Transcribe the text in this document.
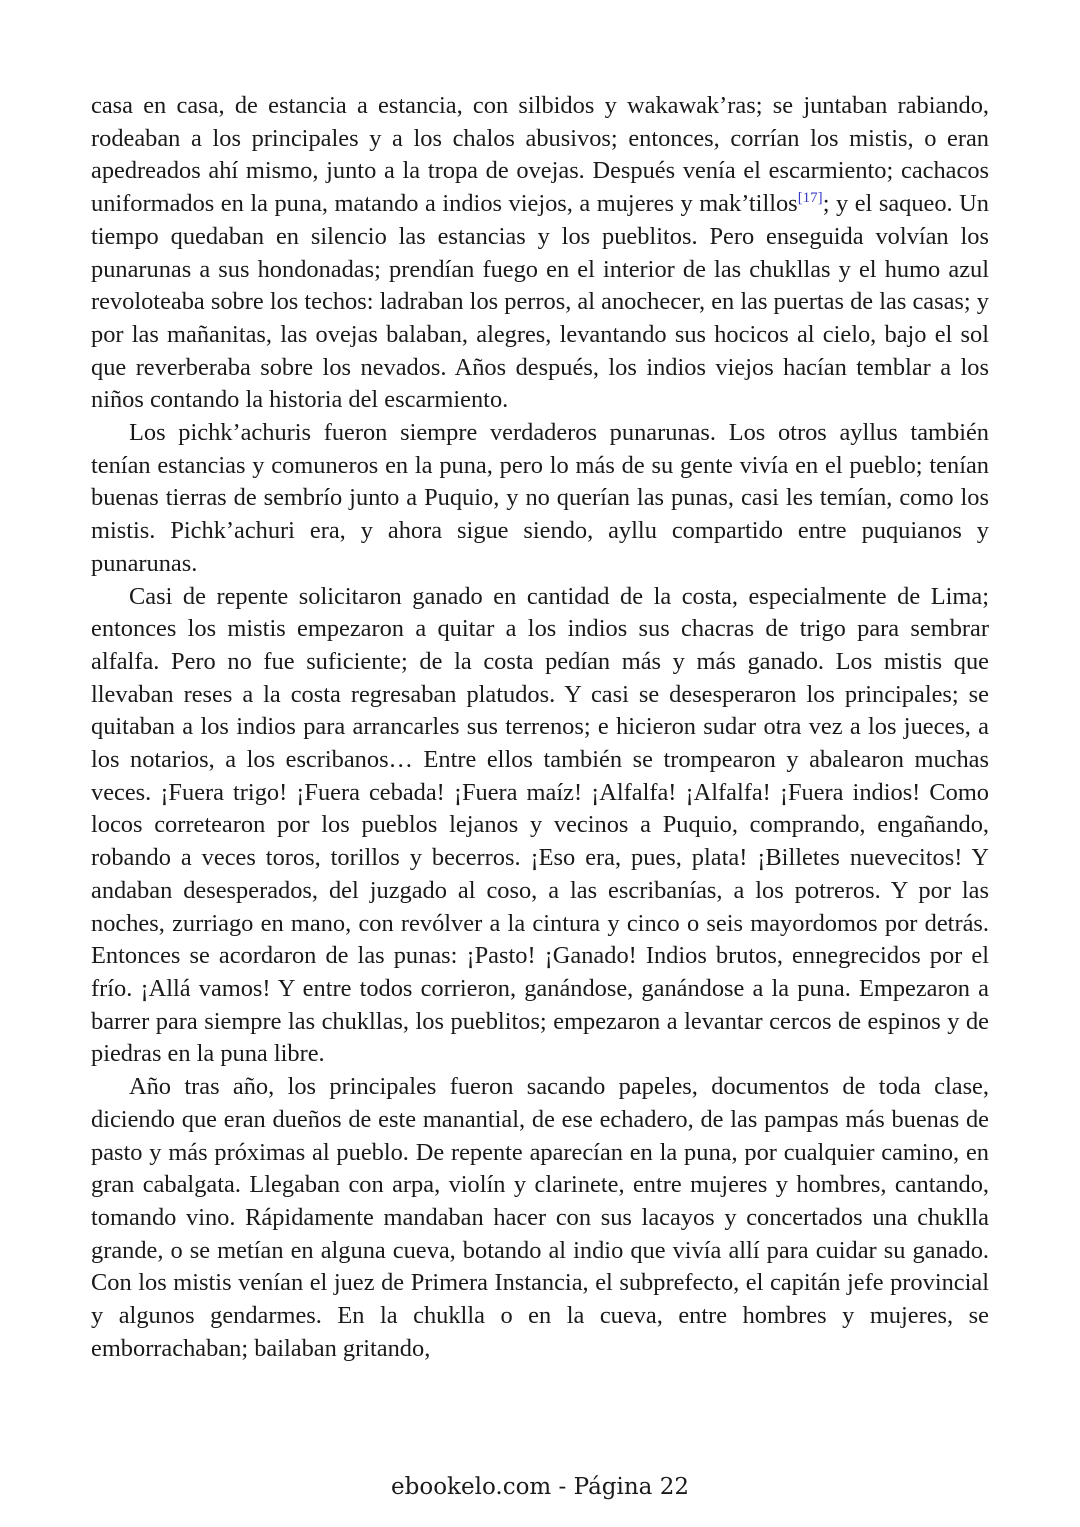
casa en casa, de estancia a estancia, con silbidos y wakawak’ras; se juntaban rabiando, rodeaban a los principales y a los chalos abusivos; entonces, corrían los mistis, o eran apedreados ahí mismo, junto a la tropa de ovejas. Después venía el escarmiento; cachacos uniformados en la puna, matando a indios viejos, a mujeres y mak’tillos[17]; y el saqueo. Un tiempo quedaban en silencio las estancias y los pueblitos. Pero enseguida volvían los punarunas a sus hondonadas; prendían fuego en el interior de las chukllas y el humo azul revoloteaba sobre los techos: ladraban los perros, al anochecer, en las puertas de las casas; y por las mañanitas, las ovejas balaban, alegres, levantando sus hocicos al cielo, bajo el sol que reverberaba sobre los nevados. Años después, los indios viejos hacían temblar a los niños contando la historia del escarmiento.

Los pichk’achuris fueron siempre verdaderos punarunas. Los otros ayllus también tenían estancias y comuneros en la puna, pero lo más de su gente vivía en el pueblo; tenían buenas tierras de sembrío junto a Puquio, y no querían las punas, casi les temían, como los mistis. Pichk’achuri era, y ahora sigue siendo, ayllu compartido entre puquianos y punarunas.

Casi de repente solicitaron ganado en cantidad de la costa, especialmente de Lima; entonces los mistis empezaron a quitar a los indios sus chacras de trigo para sembrar alfalfa. Pero no fue suficiente; de la costa pedían más y más ganado. Los mistis que llevaban reses a la costa regresaban platudos. Y casi se desesperaron los principales; se quitaban a los indios para arrancarles sus terrenos; e hicieron sudar otra vez a los jueces, a los notarios, a los escribanos… Entre ellos también se trompearon y abalearon muchas veces. ¡Fuera trigo! ¡Fuera cebada! ¡Fuera maíz! ¡Alfalfa! ¡Alfalfa! ¡Fuera indios! Como locos corretearon por los pueblos lejanos y vecinos a Puquio, comprando, engañando, robando a veces toros, torillos y becerros. ¡Eso era, pues, plata! ¡Billetes nuevecitos! Y andaban desesperados, del juzgado al coso, a las escribanías, a los potreros. Y por las noches, zurriago en mano, con revólver a la cintura y cinco o seis mayordomos por detrás. Entonces se acordaron de las punas: ¡Pasto! ¡Ganado! Indios brutos, ennegrecidos por el frío. ¡Allá vamos! Y entre todos corrieron, ganándose, ganándose a la puna. Empezaron a barrer para siempre las chukllas, los pueblitos; empezaron a levantar cercos de espinos y de piedras en la puna libre.

Año tras año, los principales fueron sacando papeles, documentos de toda clase, diciendo que eran dueños de este manantial, de ese echadero, de las pampas más buenas de pasto y más próximas al pueblo. De repente aparecían en la puna, por cualquier camino, en gran cabalgata. Llegaban con arpa, violín y clarinete, entre mujeres y hombres, cantando, tomando vino. Rápidamente mandaban hacer con sus lacayos y concertados una chuklla grande, o se metían en alguna cueva, botando al indio que vivía allí para cuidar su ganado. Con los mistis venían el juez de Primera Instancia, el subprefecto, el capitán jefe provincial y algunos gendarmes. En la chuklla o en la cueva, entre hombres y mujeres, se emborrachaban; bailaban gritando,

ebookelo.com - Página 22
